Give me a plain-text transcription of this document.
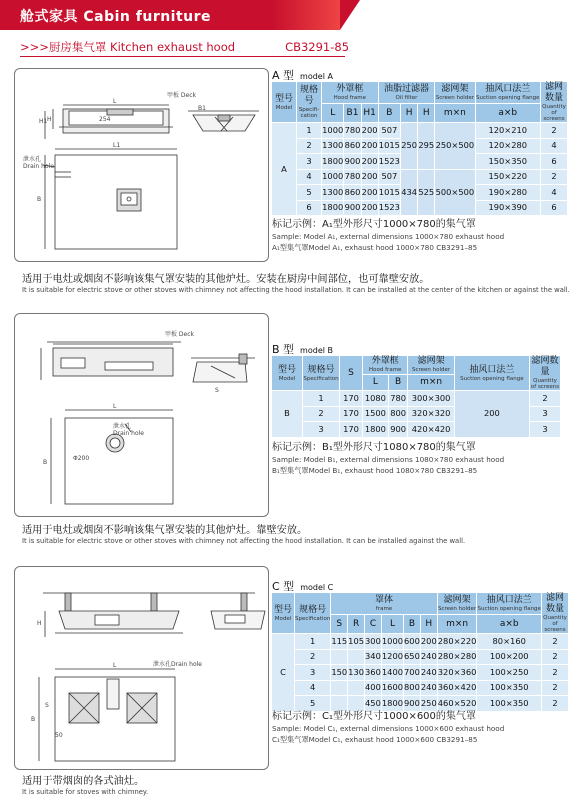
舱式家具 Cabin furniture
>>>厨房集气罩 Kitchen exhaust hood	CB3291-85
甲板 Deck
254
L
H1 H
B1
L1
B
泄水孔
Drain hole
A 型 model A
型号
Model	规格号
Specifi-cation	外罩框
Hood frame			油脂过滤器
Oil filter			滤网架
Screen holder	抽风口法兰
Suction opening flange	滤网数量
Quantity of screens

		L	B1	H1	B	H	H	m×n	a×b	
A	1	1000	780	200	507	250	295	250×500	120×210	2
	2	1300	860	200	1015				120×280	4
	3	1800	900	200	1523				150×350	6
	4	1000	780	200	507	434	525	500×500	150×220	2
	5	1300	860	200	1015				190×280	4
	6	1800	900	200	1523				190×390	6
标记示例：A₁型外形尺寸1000×780的集气罩
Sample: Model A₁, external dimensions 1000×780 exhaust hood
A₁型集气罩Model A₁, exhaust hood 1000×780 CB3291–85
适用于电灶或烟囱不影响该集气罩安装的其他炉灶。安装在厨房中间部位，也可靠壁安放。
It is suitable for electric stove or other stoves with chimney not affecting the hood installation. It can be installed at the center of the kitchen or against the wall.
甲板 Deck
S
L
B
Φ200
泄水孔
Drain hole
B 型 model B
型号
Model	规格号
Specification	S	外罩框
Hood frame		滤网架
Screen holder	抽风口法兰
Suction opening flange	滤网数量
Quantity of screens

			L	B	m×n		
B	1	170	1080	780	300×300	200	2
	2	170	1500	800	320×320		3
	3	170	1800	900	420×420		3
标记示例：B₁型外形尺寸1080×780的集气罩
Sample: Model B₁, external dimensions 1080×780 exhaust hood
B₁型集气罩Model B₁, exhaust hood 1080×780 CB3291–85
适用于电灶或烟囱不影响该集气罩安装的其他炉灶。靠壁安放。
It is suitable for electric stove or other stoves with chimney not affecting the hood installation. It can be installed against the wall.
H
L
B
S
50
泄水孔Drain hole
C 型 model C
型号
Model	规格号
Specification	罩体
frame						滤网架
Screen holder	抽风口法兰
Suction opening flange	滤网数量
Quantity of screens

		S	R	C	L	B	H	m×n	a×b	
C	1	115	105	300	1000	600	200	280×220	80×160	2
	2			340	1200	650	240	280×280	100×200	2
	3	150	130	360	1400	700	240	320×360	100×250	2
	4			400	1600	800	240	360×420	100×350	2
	5			450	1800	900	250	460×520	100×350	2
标记示例：C₁型外形尺寸1000×600的集气罩
Sample: Model C₁, external dimensions 1000×600 exhaust hood
C₁型集气罩Model C₁, exhaust hood 1000×600 CB3291–85
适用于带烟囱的各式油灶。
It is suitable for stoves with chimney.
